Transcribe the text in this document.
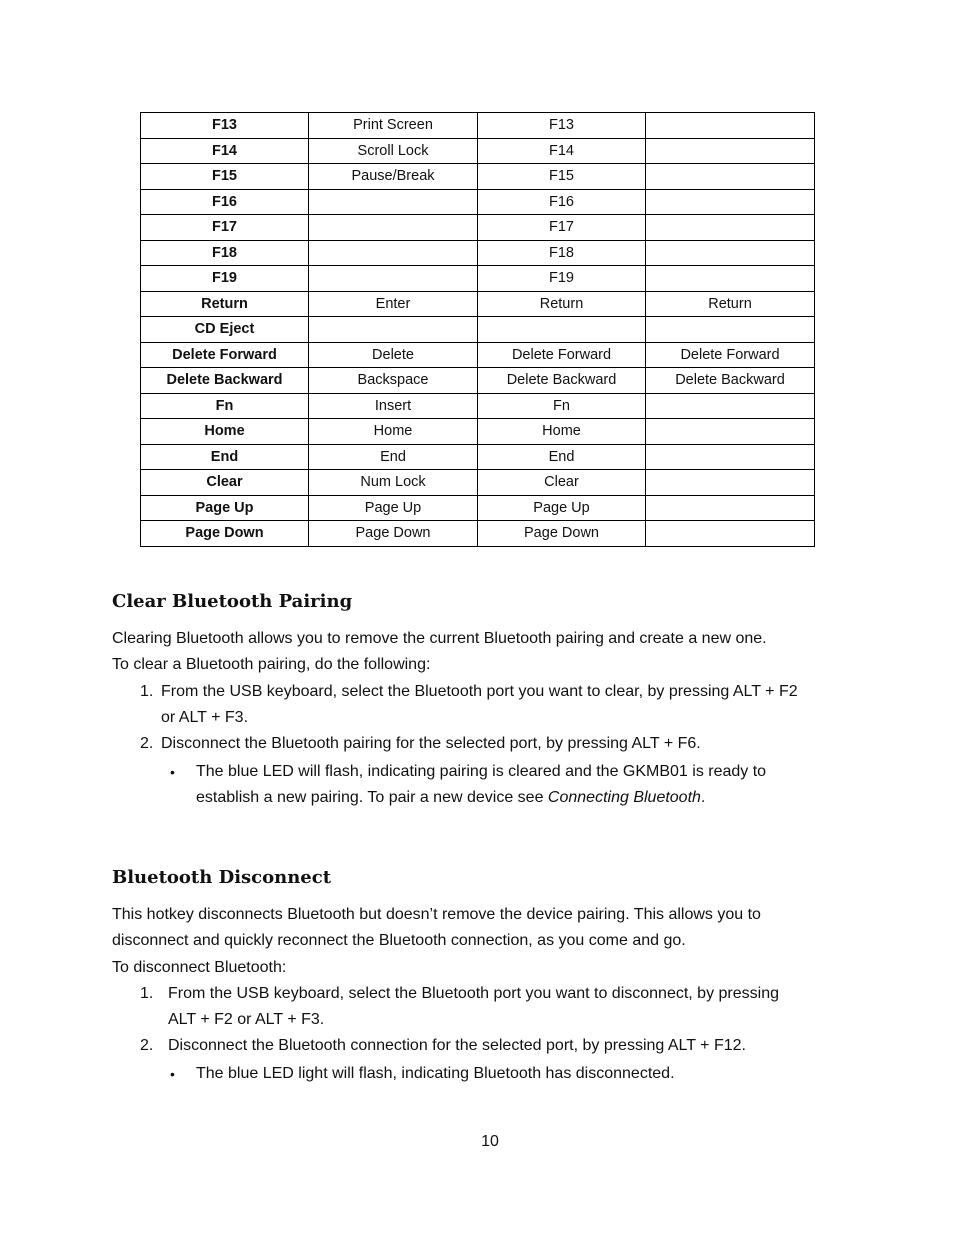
F13	Print Screen	F13	
F14	Scroll Lock	F14	
F15	Pause/Break	F15	
F16		F16	
F17		F17	
F18		F18	
F19		F19	
Return	Enter	Return	Return
CD Eject			
Delete Forward	Delete	Delete Forward	Delete Forward
Delete Backward	Backspace	Delete Backward	Delete Backward
Fn	Insert	Fn	
Home	Home	Home	
End	End	End	
Clear	Num Lock	Clear	
Page Up	Page Up	Page Up	
Page Down	Page Down	Page Down	
Clear Bluetooth Pairing

Clearing Bluetooth allows you to remove the current Bluetooth pairing and create a new one.

To clear a Bluetooth pairing, do the following:

1. From the USB keyboard, select the Bluetooth port you want to clear, by pressing ALT + F2
or ALT + F3.
2. Disconnect the Bluetooth pairing for the selected port, by pressing ALT + F6.
• The blue LED will flash, indicating pairing is cleared and the GKMB01 is ready to
establish a new pairing. To pair a new device see Connecting Bluetooth.
Bluetooth Disconnect

This hotkey disconnects Bluetooth but doesn’t remove the device pairing. This allows you to

disconnect and quickly reconnect the Bluetooth connection, as you come and go.

To disconnect Bluetooth:

1. From the USB keyboard, select the Bluetooth port you want to disconnect, by pressing
ALT + F2 or ALT + F3.
2. Disconnect the Bluetooth connection for the selected port, by pressing ALT + F12.
• The blue LED light will flash, indicating Bluetooth has disconnected.
10
